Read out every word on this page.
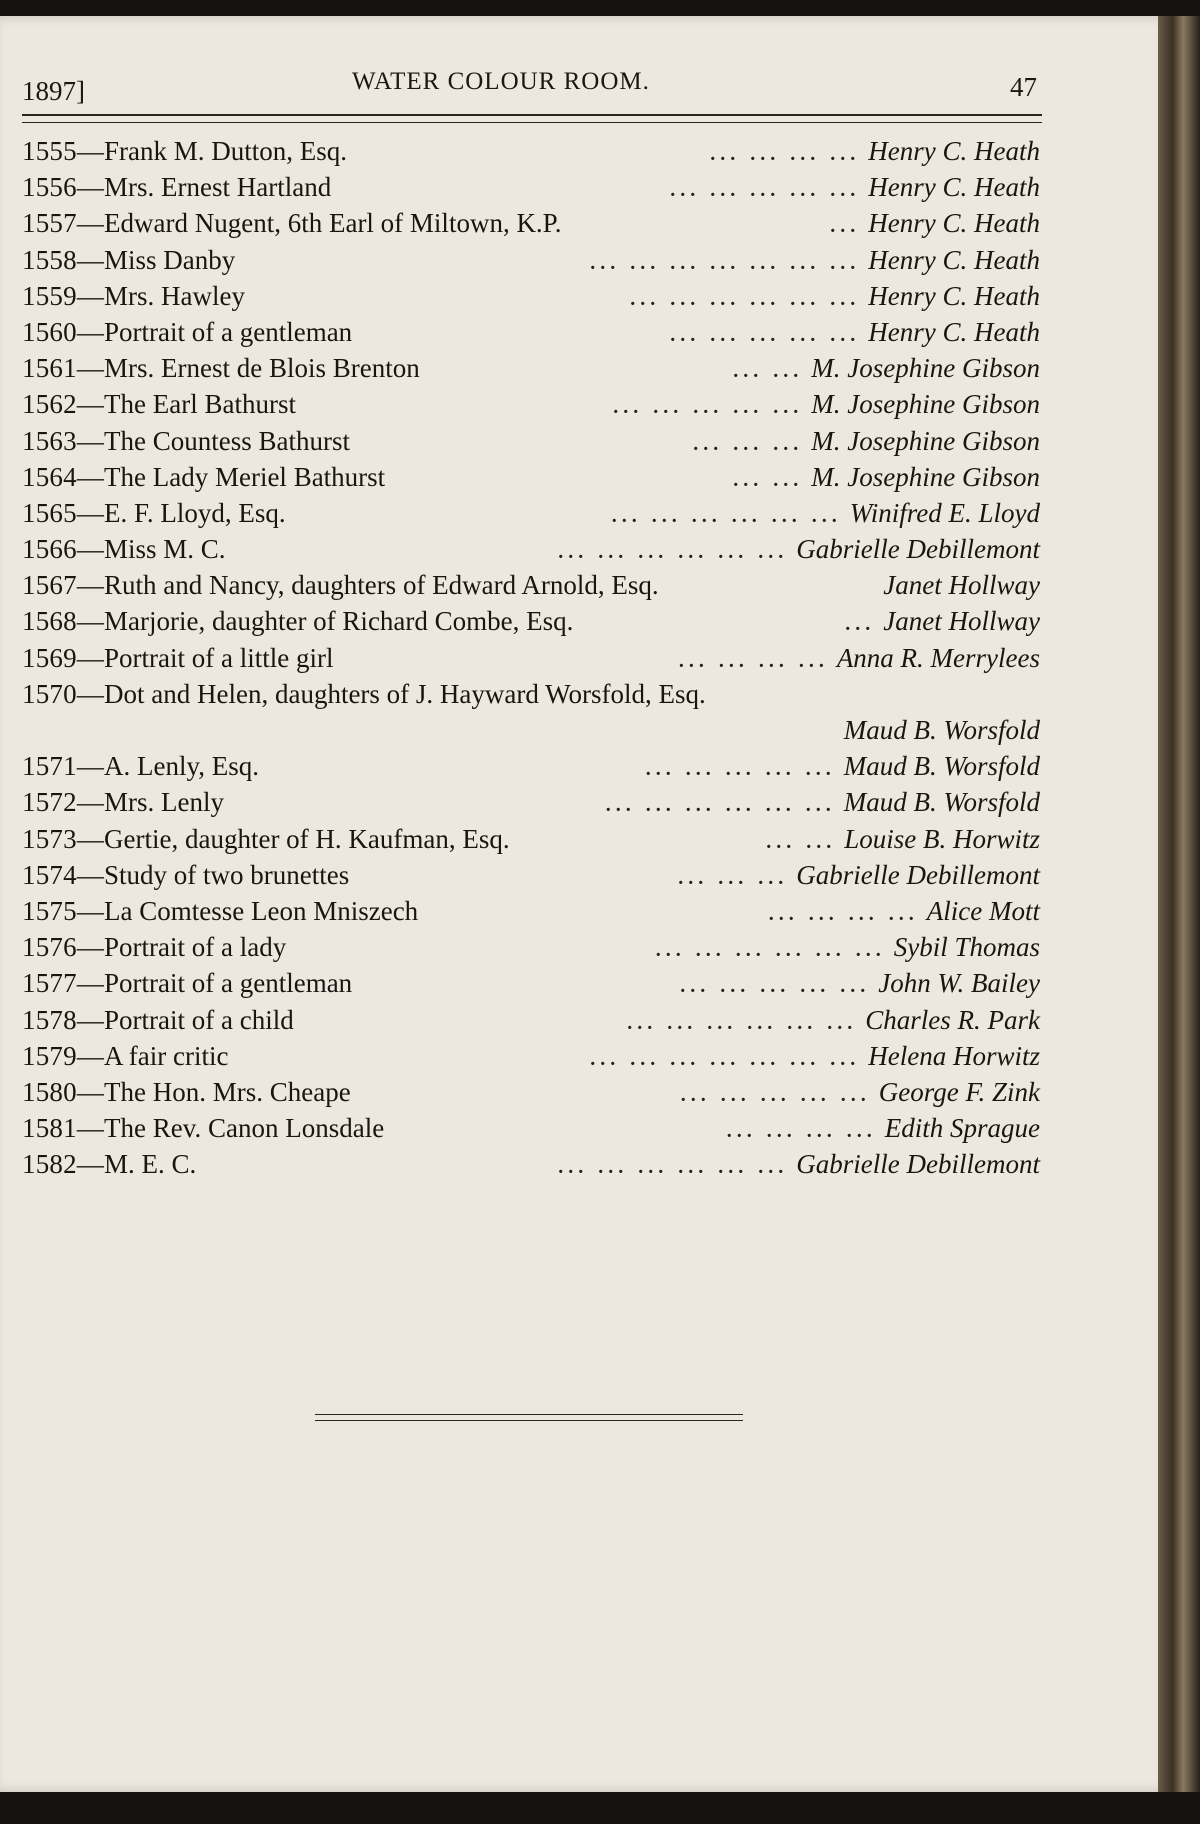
1897]	WATER COLOUR ROOM.	47
1555 — Frank M. Dutton, Esq.	... ... ... ... Henry C. Heath
1556 — Mrs. Ernest Hartland	... ... ... ... ... Henry C. Heath
1557 — Edward Nugent, 6th Earl of Miltown, K.P.	... Henry C. Heath
1558 — Miss Danby	... ... ... ... ... ... ... Henry C. Heath
1559 — Mrs. Hawley	... ... ... ... ... ... Henry C. Heath
1560 — Portrait of a gentleman	... ... ... ... ... Henry C. Heath
1561 — Mrs. Ernest de Blois Brenton	... ... M. Josephine Gibson
1562 — The Earl Bathurst	... ... ... ... ... M. Josephine Gibson
1563 — The Countess Bathurst	... ... ... M. Josephine Gibson
1564 — The Lady Meriel Bathurst	... ... M. Josephine Gibson
1565 — E. F. Lloyd, Esq.	... ... ... ... ... ... Winifred E. Lloyd
1566 — Miss M. C.	... ... ... ... ... ... Gabrielle Debillemont
1567 — Ruth and Nancy, daughters of Edward Arnold, Esq.	Janet Hollway
1568 — Marjorie, daughter of Richard Combe, Esq.	... Janet Hollway
1569 — Portrait of a little girl	... ... ... ... Anna R. Merrylees
1570 — Dot and Helen, daughters of J. Hayward Worsfold, Esq.
Maud B. Worsfold
1571 — A. Lenly, Esq.	... ... ... ... ... Maud B. Worsfold
1572 — Mrs. Lenly	... ... ... ... ... ... Maud B. Worsfold
1573 — Gertie, daughter of H. Kaufman, Esq.	... ... Louise B. Horwitz
1574 — Study of two brunettes	... ... ... Gabrielle Debillemont
1575 — La Comtesse Leon Mniszech	... ... ... ... Alice Mott
1576 — Portrait of a lady	... ... ... ... ... ... Sybil Thomas
1577 — Portrait of a gentleman	... ... ... ... ... John W. Bailey
1578 — Portrait of a child	... ... ... ... ... ... Charles R. Park
1579 — A fair critic	... ... ... ... ... ... ... Helena Horwitz
1580 — The Hon. Mrs. Cheape	... ... ... ... ... George F. Zink
1581 — The Rev. Canon Lonsdale	... ... ... ... Edith Sprague
1582 — M. E. C.	... ... ... ... ... ... Gabrielle Debillemont
